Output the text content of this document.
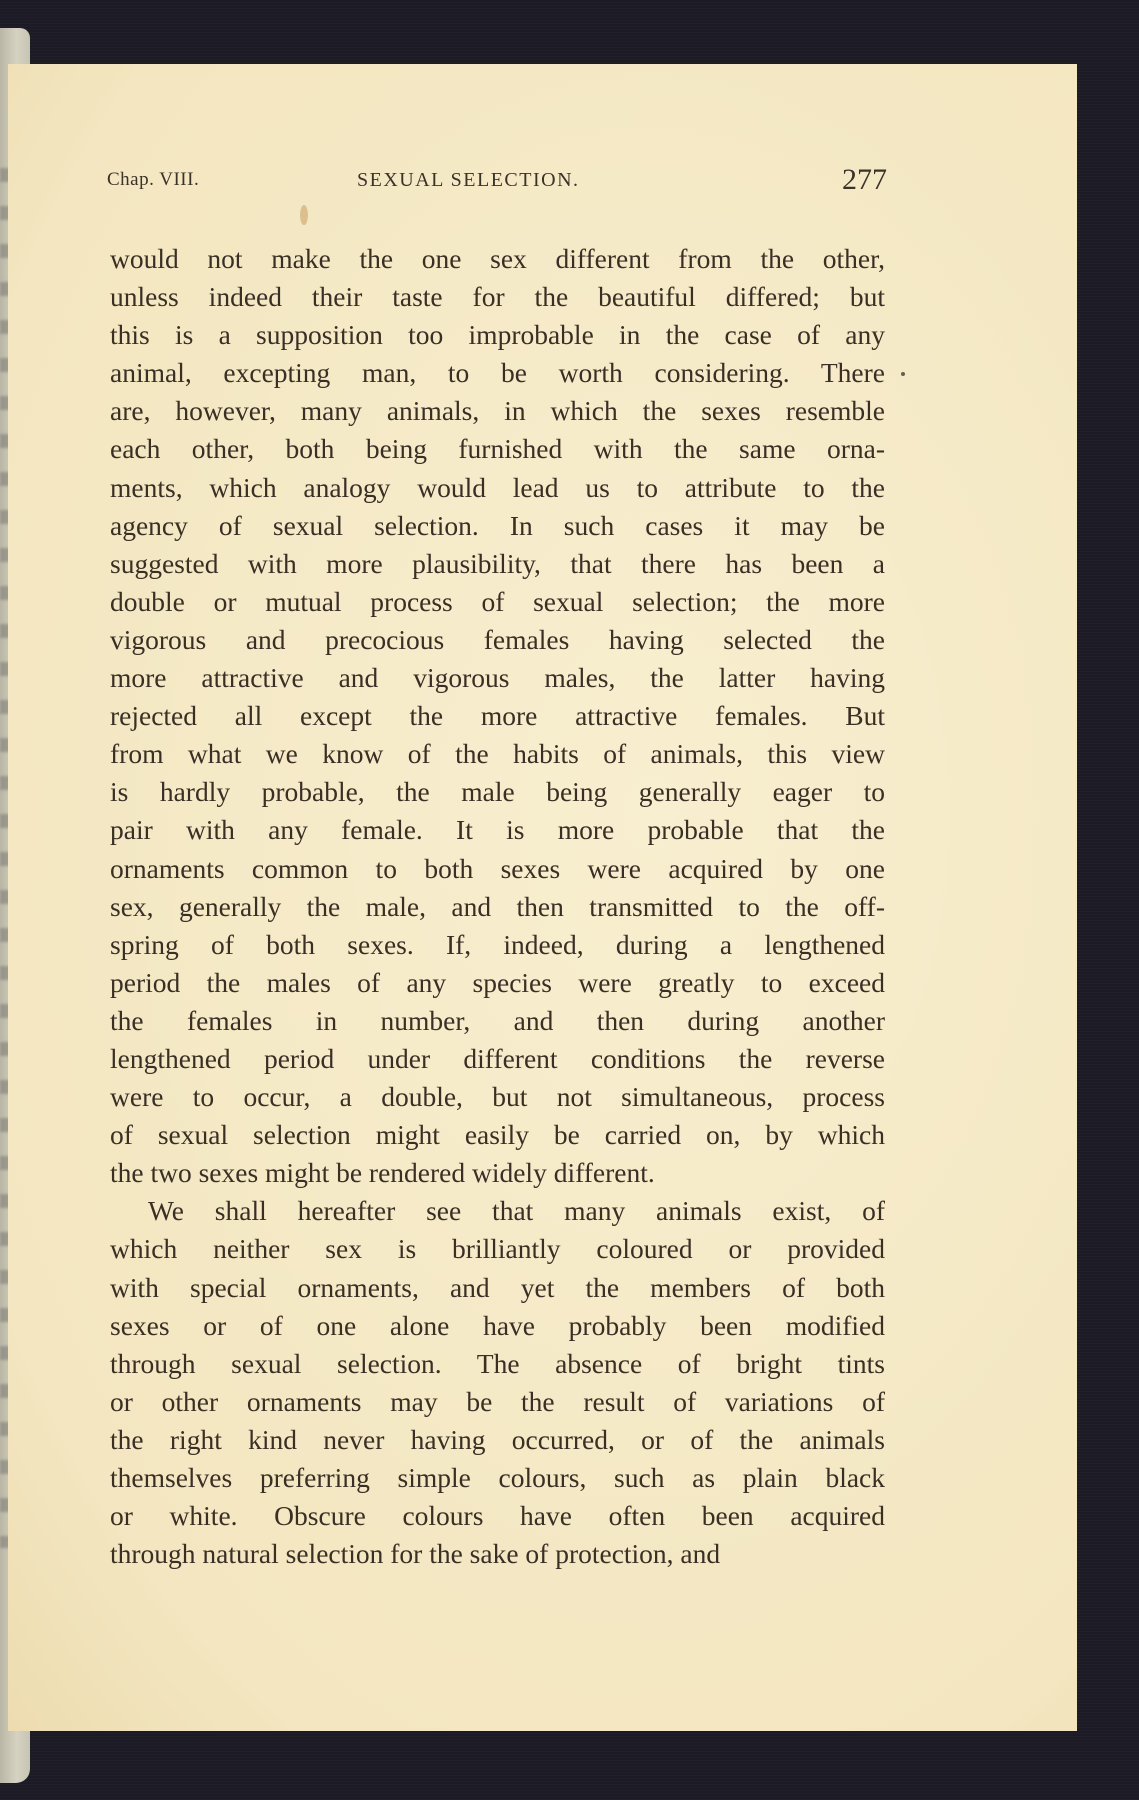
Chap. VIII.	SEXUAL SELECTION.	277
would not make the one sex different from the other,
unless indeed their taste for the beautiful differed; but
this is a supposition too improbable in the case of any
animal, excepting man, to be worth considering. There
are, however, many animals, in which the sexes resemble
each other, both being furnished with the same orna-
ments, which analogy would lead us to attribute to the
agency of sexual selection. In such cases it may be
suggested with more plausibility, that there has been a
double or mutual process of sexual selection; the more
vigorous and precocious females having selected the
more attractive and vigorous males, the latter having
rejected all except the more attractive females. But
from what we know of the habits of animals, this view
is hardly probable, the male being generally eager to
pair with any female. It is more probable that the
ornaments common to both sexes were acquired by one
sex, generally the male, and then transmitted to the off-
spring of both sexes. If, indeed, during a lengthened
period the males of any species were greatly to exceed
the females in number, and then during another
lengthened period under different conditions the reverse
were to occur, a double, but not simultaneous, process
of sexual selection might easily be carried on, by which
the two sexes might be rendered widely different.
We shall hereafter see that many animals exist, of
which neither sex is brilliantly coloured or provided
with special ornaments, and yet the members of both
sexes or of one alone have probably been modified
through sexual selection. The absence of bright tints
or other ornaments may be the result of variations of
the right kind never having occurred, or of the animals
themselves preferring simple colours, such as plain black
or white. Obscure colours have often been acquired
through natural selection for the sake of protection, and
